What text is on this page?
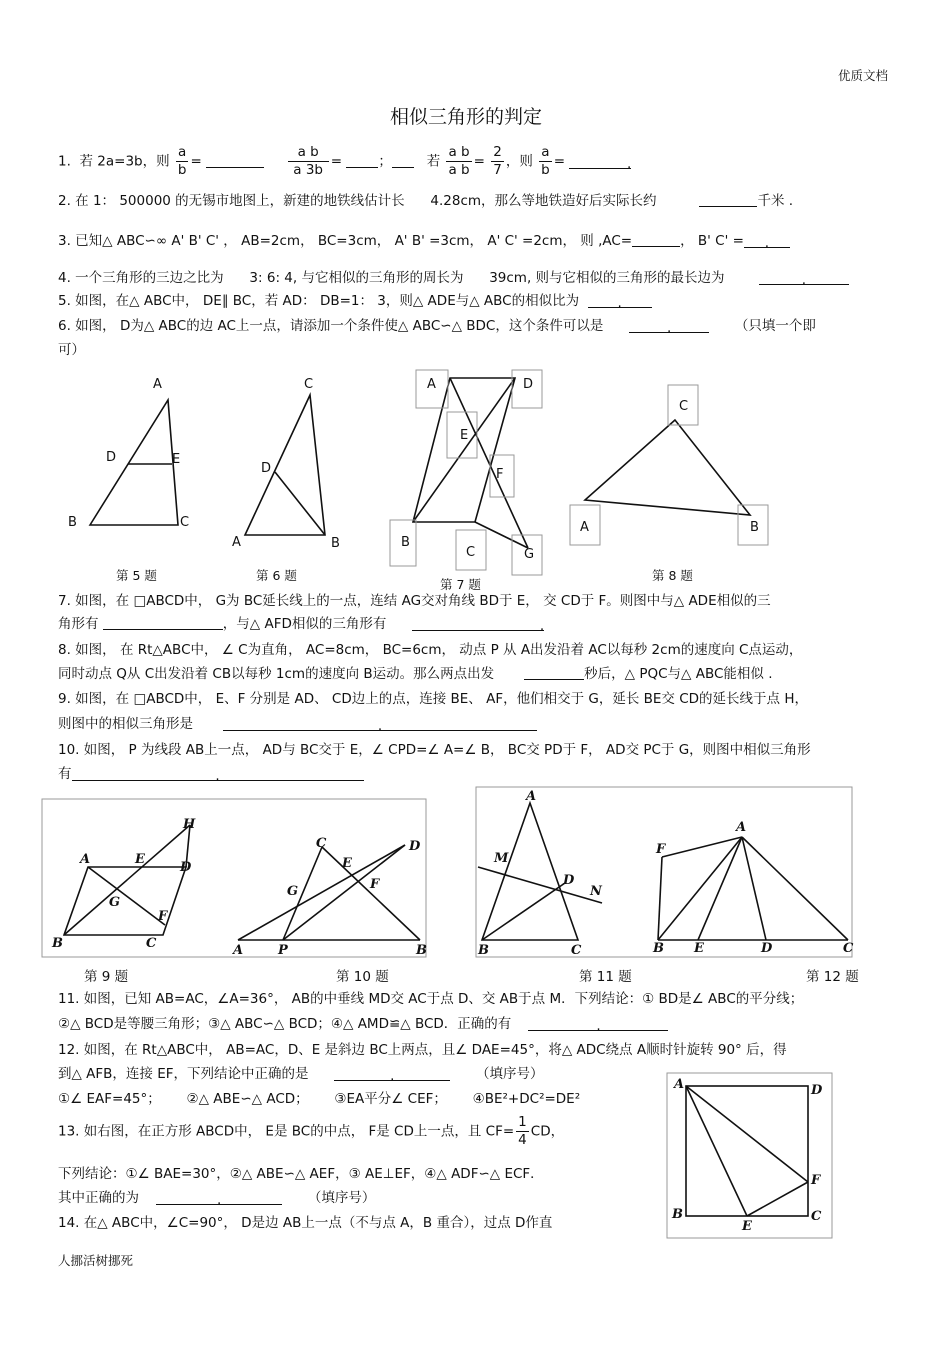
优质文档
相似三角形的判定
1. 若 2a=3b，则 $\frac{a}{b}$ =	$\frac{\text{a b}}{a 3b}$ =	；	若 $\frac{\text{a b}}{\text{a b}} = \frac{2}{7}$ ，则 $\frac{a}{b}$ =	.
2. 在 1： 500000 的无锡市地图上，新建的地铁线估计长 4.28cm，那么等地铁造好后实际长约	千米 .
3. 已知△ ABC∽∞ A' B' C' ， AB=2cm， BC=3cm， A' B' =3cm， A' C' =2cm， 则 ,AC=	， B' C' = .
4. 一个三角形的三边之比为 3: 6: 4, 与它相似的三角形的周长为 39cm, 则与它相似的三角形的最长边为	.
5. 如图，在△ ABC中， DE∥ BC，若 AD： DB=1： 3，则△ ADE与△ ABC的相似比为	.
6. 如图， D为△ ABC的边 AC上一点，请添加一个条件使△ ABC∽△ BDC，这个条件可以是	.	（只填一个即
可）
A
D	E
B	C
C
D
A	B
A	D
E
F
B
C	G
C
A	B
第 5 题	第 6 题
第 7 题
第 8 题
7. 如图，在 □ABCD中， G为 BC延长线上的一点，连结 AG交对角线 BD于 E， 交 CD于 F。则图中与△ ADE相似的三
角形有	，与△ AFD相似的三角形有	.
8. 如图， 在 Rt△ABC中， ∠ C为直角， AC=8cm， BC=6cm， 动点 P 从 A出发沿着 AC以每秒 2cm的速度向 C点运动，
同时动点 Q从 C出发沿着 CB以每秒 1cm的速度向 B运动。那么两点出发	秒后，△ PQC与△ ABC能相似 .
9. 如图，在 □ABCD中， E、F 分别是 AD、 CD边上的点，连接 BE、 AF，他们相交于 G，延长 BE交 CD的延长线于点 H，
则图中的相似三角形是	.
10. 如图， P 为线段 AB上一点， AD与 BC交于 E，∠ CPD=∠ A=∠ B， BC交 PD于 F， AD交 PC于 G，则图中相似三角形
有	.
A	E
H
D
G
F
B	C
C
E
D
G	F
A	P	B
A
M
D
N
B	C
A
F
B E	D	C
第 9 题	第 10 题	第 11 题	第 12 题
11. 如图，已知 AB=AC，∠A=36°， AB的中垂线 MD交 AC于点 D、交 AB于点 M．下列结论：① BD是∠ ABC的平分线；
②△ BCD是等腰三角形；③△ ABC∽△ BCD；④△ AMD≌△ BCD．正确的有	.
12. 如图，在 Rt△ABC中， AB=AC，D、E 是斜边 BC上两点，且∠ DAE=45°，将△ ADC绕点 A顺时针旋转 90° 后，得
到△ AFB，连接 EF，下列结论中正确的是	.	（填序号）
①∠ EAF=45°； ②△ ABE∽△ ACD； ③EA平分∠ CEF； ④BE²+DC²=DE²
13. 如右图，在正方形 ABCD中， E是 BC的中点， F是 CD上一点，且 $CF= \frac{1}{4}$ CD，
下列结论：①∠ BAE=30°，②△ ABE∽△ AEF，③ AE⊥EF，④△ ADF∽△ ECF．
其中正确的为	.	（填序号）
14. 在△ ABC中，∠C=90°， D是边 AB上一点（不与点 A，B 重合），过点 D作直
A	D
F
B	C
E
人挪活树挪死
